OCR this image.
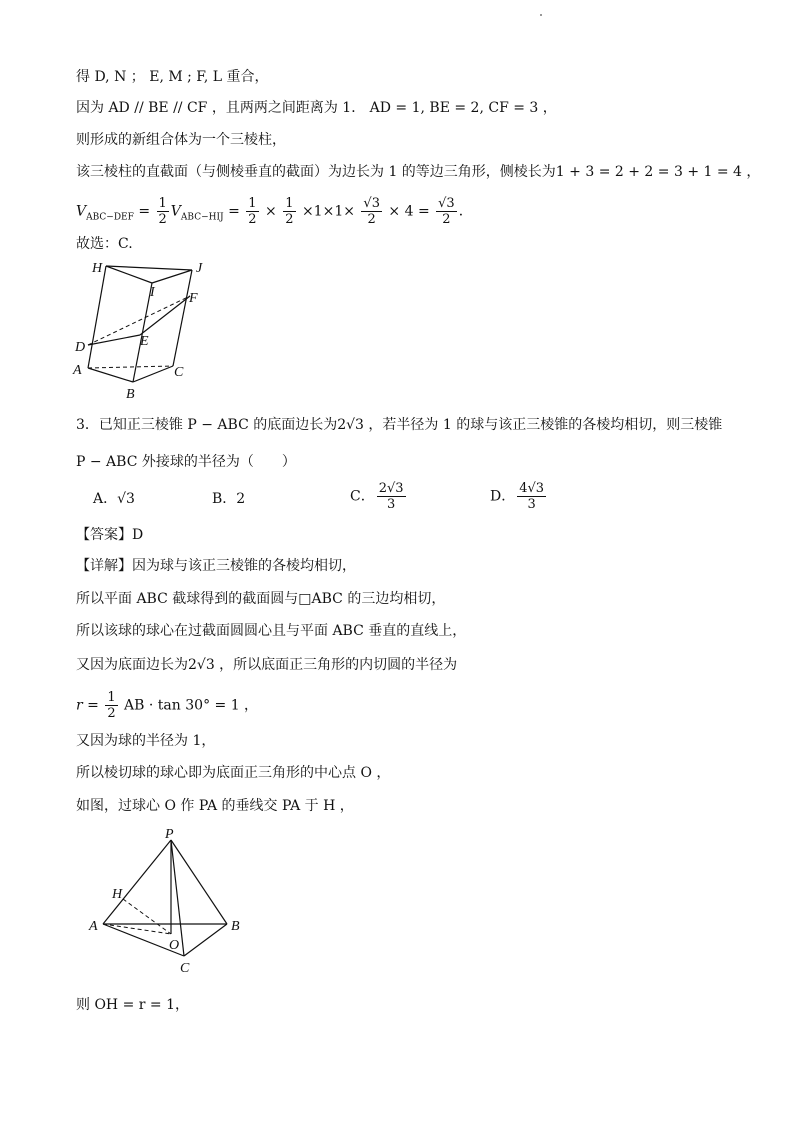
得 D, N ； E, M ; F, L 重合，
因为 AD // BE // CF ，且两两之间距离为 1． AD = 1, BE = 2, CF = 3 ，
则形成的新组合体为一个三棱柱，
该三棱柱的直截面（与侧棱垂直的截面）为边长为 1 的等边三角形，侧棱长为1 + 3 = 2 + 2 = 3 + 1 = 4 ，
$V_{ABC-DEF} = \frac{1}{2} V_{ABC-HIJ} = \frac{1}{2} \times \frac{1}{2} \times 1\times 1\times \frac{√3}{2} \times 4 = \frac{√3}{2}$ ．
故选：C.
H	J
I F
D	E
A	C
B
3．已知正三棱锥 P − ABC 的底面边长为2√3 ，若半径为 1 的球与该正三棱锥的各棱均相切，则三棱锥
P − ABC 外接球的半径为（　　）
A．√3	B．2	C． $\frac{2√3}{3}$	D． $\frac{4√3}{3}$
【答案】D
【详解】因为球与该正三棱锥的各棱均相切，
所以平面 ABC 截球得到的截面圆与□ABC 的三边均相切，
所以该球的球心在过截面圆圆心且与平面 ABC 垂直的直线上，
又因为底面边长为2√3 ，所以底面正三角形的内切圆的半径为
$r = \frac{1}{2}$ AB · tan 30° = 1 ，
又因为球的半径为 1，
所以棱切球的球心即为底面正三角形的中心点 O ，
如图，过球心 O 作 PA 的垂线交 PA 于 H ，
P
H
A	B
O
C
则 OH = r = 1，
